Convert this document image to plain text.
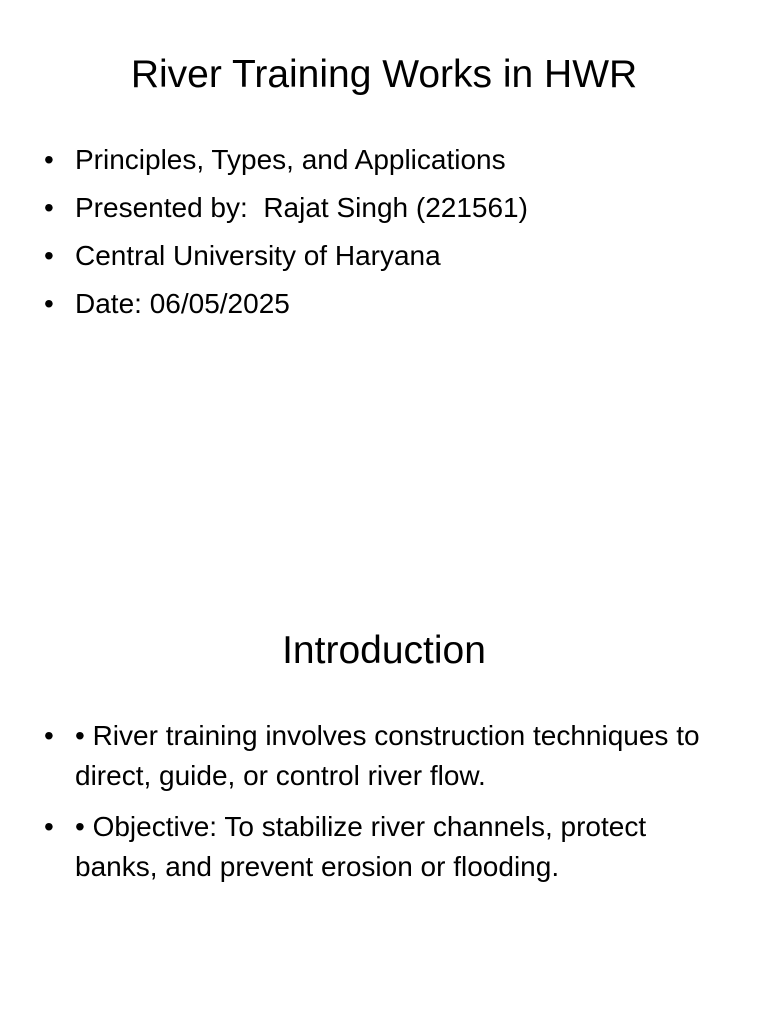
River Training Works in HWR
• Principles, Types, and Applications
• Presented by:  Rajat Singh (221561)
• Central University of Haryana
• Date: 06/05/2025
Introduction
• • River training involves construction techniques to direct, guide, or control river flow.
• • Objective: To stabilize river channels, protect banks, and prevent erosion or flooding.
